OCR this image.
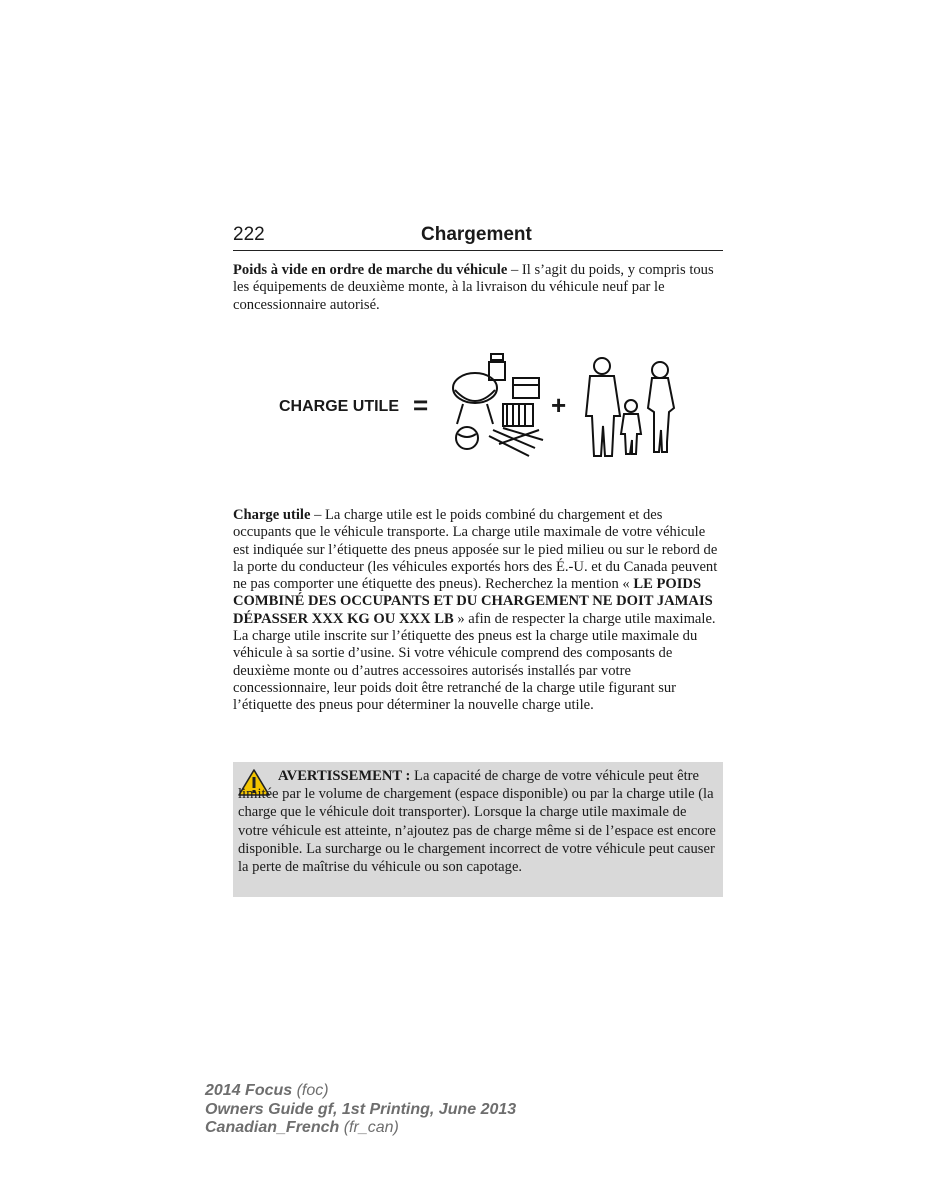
222	Chargement

Poids à vide en ordre de marche du véhicule – Il s’agit du poids, y compris tous les équipements de deuxième monte, à la livraison du véhicule neuf par le concessionnaire autorisé.

CHARGE UTILE =	+

Charge utile – La charge utile est le poids combiné du chargement et des occupants que le véhicule transporte. La charge utile maximale de votre véhicule est indiquée sur l’étiquette des pneus apposée sur le pied milieu ou sur le rebord de la porte du conducteur (les véhicules exportés hors des É.-U. et du Canada peuvent ne pas comporter une étiquette des pneus). Recherchez la mention « LE POIDS COMBINÉ DES OCCUPANTS ET DU CHARGEMENT NE DOIT JAMAIS DÉPASSER XXX KG OU XXX LB » afin de respecter la charge utile maximale. La charge utile inscrite sur l’étiquette des pneus est la charge utile maximale du véhicule à sa sortie d’usine. Si votre véhicule comprend des composants de deuxième monte ou d’autres accessoires autorisés installés par votre concessionnaire, leur poids doit être retranché de la charge utile figurant sur l’étiquette des pneus pour déterminer la nouvelle charge utile.

AVERTISSEMENT : La capacité de charge de votre véhicule peut être limitée par le volume de chargement (espace disponible) ou par la charge utile (la charge que le véhicule doit transporter). Lorsque la charge utile maximale de votre véhicule est atteinte, n’ajoutez pas de charge même si de l’espace est encore disponible. La surcharge ou le chargement incorrect de votre véhicule peut causer la perte de maîtrise du véhicule ou son capotage.
2014 Focus (foc)
Owners Guide gf, 1st Printing, June 2013
Canadian_French (fr_can)
